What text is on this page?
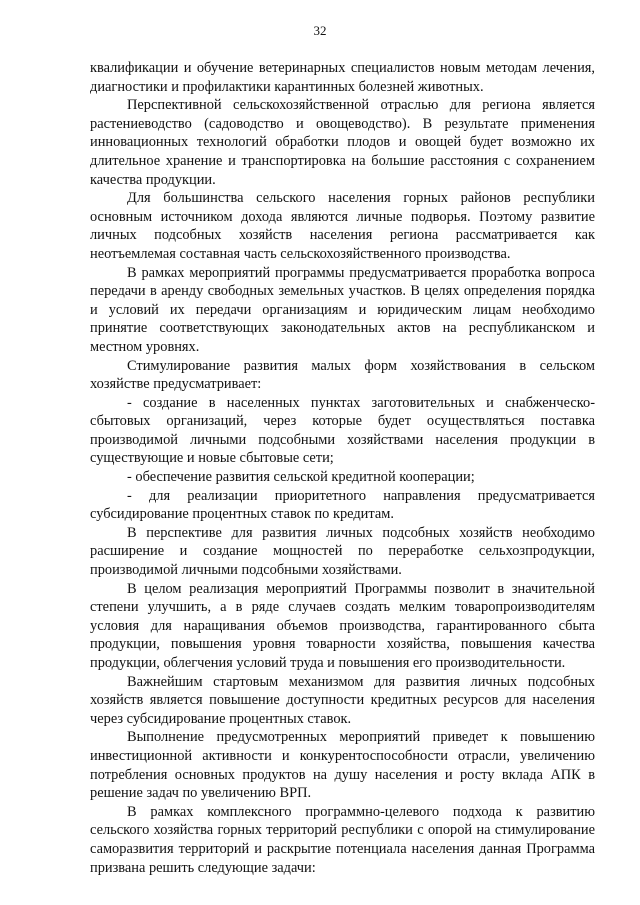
32

квалификации и обучение ветеринарных специалистов новым методам лечения, диагностики и профилактики карантинных болезней животных.

Перспективной сельскохозяйственной отраслью для региона является растениеводство (садоводство и овощеводство). В результате применения инновационных технологий обработки плодов и овощей будет возможно их длительное хранение и транспортировка на большие расстояния с сохранением качества продукции.

Для большинства сельского населения горных районов республики основным источником дохода являются личные подворья. Поэтому развитие личных подсобных хозяйств населения региона рассматривается как неотъемлемая составная часть сельскохозяйственного производства.

В рамках мероприятий программы предусматривается проработка вопроса передачи в аренду свободных земельных участков. В целях определения порядка и условий их передачи организациям и юридическим лицам необходимо принятие соответствующих законодательных актов на республиканском и местном уровнях.

Стимулирование развития малых форм хозяйствования в сельском хозяйстве предусматривает:

- создание в населенных пунктах заготовительных и снабженческо-сбытовых организаций, через которые будет осуществляться поставка производимой личными подсобными хозяйствами населения продукции в существующие и новые сбытовые сети;

- обеспечение развития сельской кредитной кооперации;

- для реализации приоритетного направления предусматривается субсидирование процентных ставок по кредитам.

В перспективе для развития личных подсобных хозяйств необходимо расширение и создание мощностей по переработке сельхозпродукции, производимой личными подсобными хозяйствами.

В целом реализация мероприятий Программы позволит в значительной степени улучшить, а в ряде случаев создать мелким товаропроизводителям условия для наращивания объемов производства, гарантированного сбыта продукции, повышения уровня товарности хозяйства, повышения качества продукции, облегчения условий труда и повышения его производительности.

Важнейшим стартовым механизмом для развития личных подсобных хозяйств является повышение доступности кредитных ресурсов для населения через субсидирование процентных ставок.

Выполнение предусмотренных мероприятий приведет к повышению инвестиционной активности и конкурентоспособности отрасли, увеличению потребления основных продуктов на душу населения и росту вклада АПК в решение задач по увеличению ВРП.

В рамках комплексного программно-целевого подхода к развитию сельского хозяйства горных территорий республики с опорой на стимулирование саморазвития территорий и раскрытие потенциала населения данная Программа призвана решить следующие задачи:
